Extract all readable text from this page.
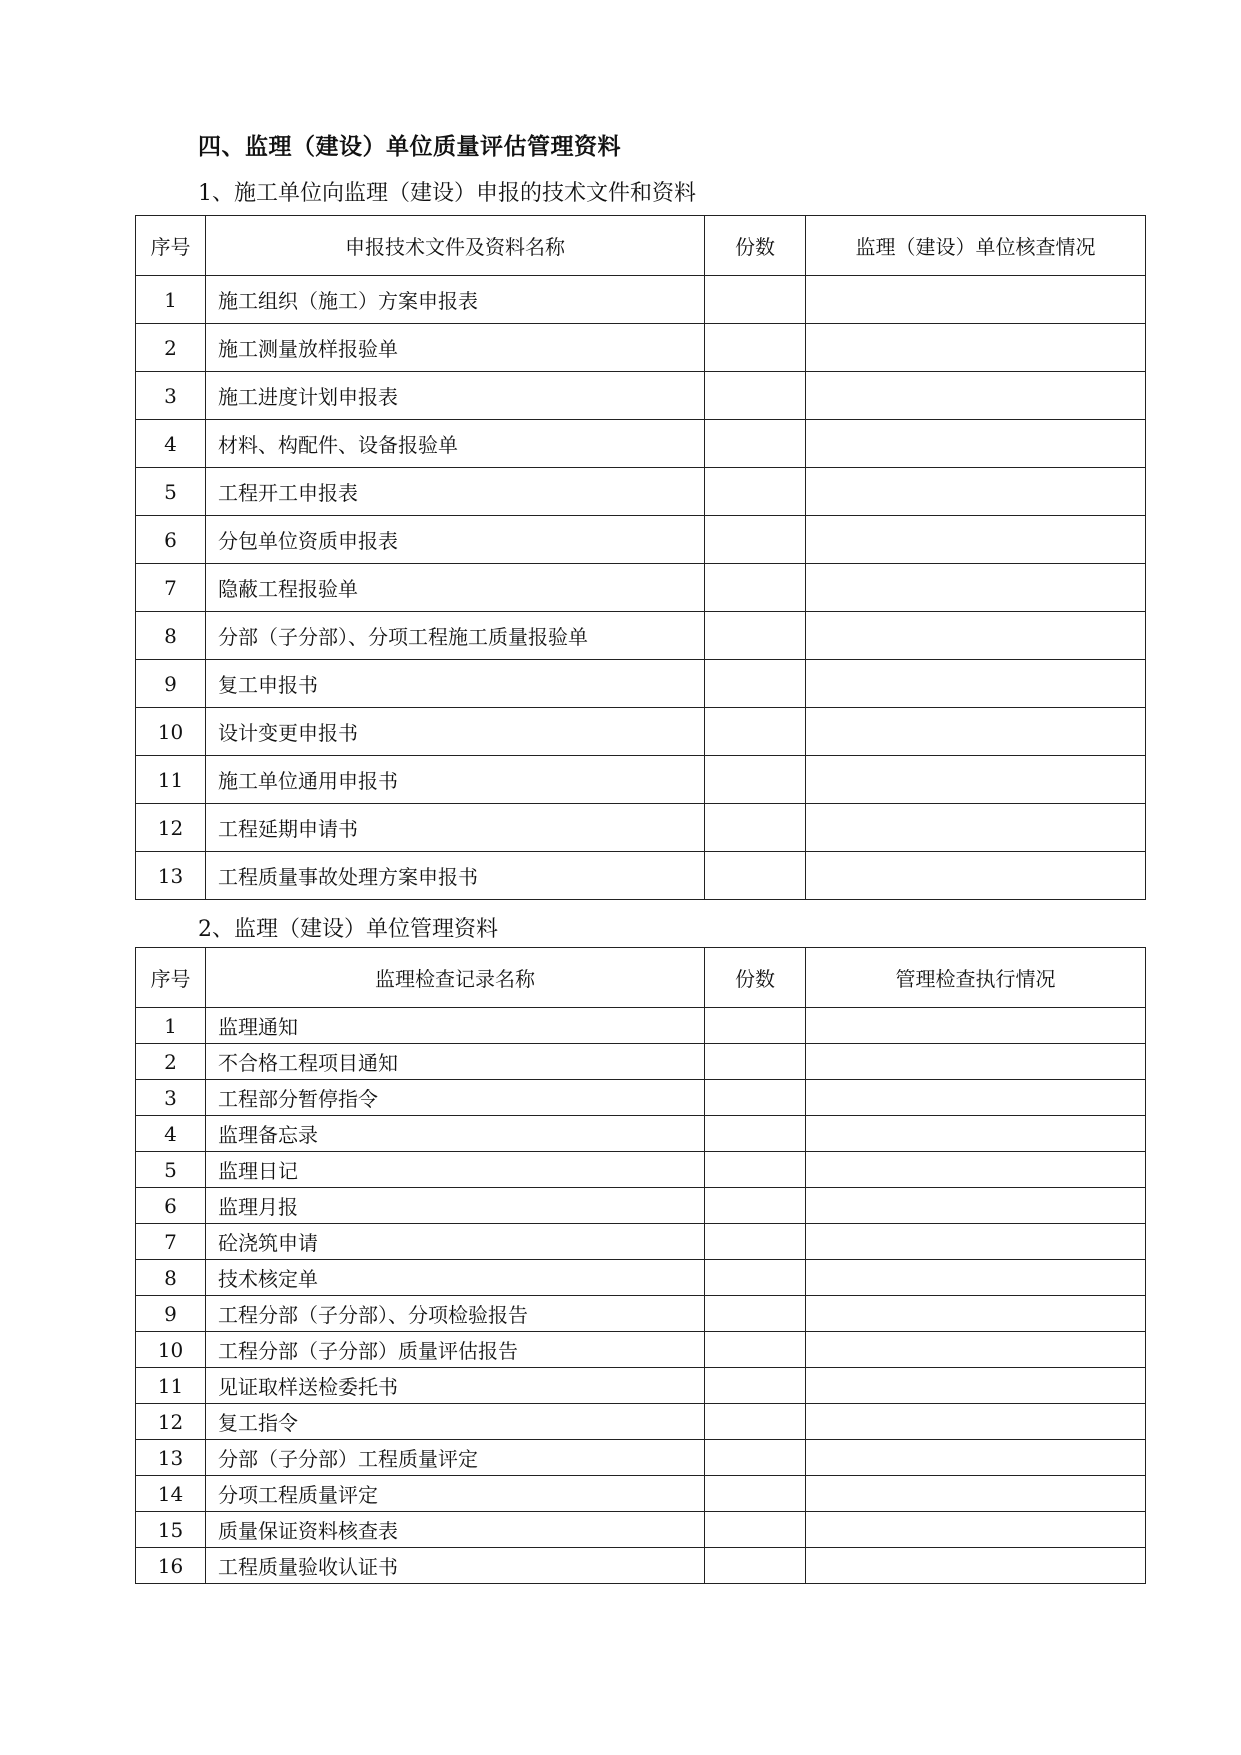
四、监理（建设）单位质量评估管理资料

1、施工单位向监理（建设）申报的技术文件和资料

序号	申报技术文件及资料名称	份数	监理（建设）单位核查情况
1	施工组织（施工）方案申报表		
2	施工测量放样报验单		
3	施工进度计划申报表		
4	材料、构配件、设备报验单		
5	工程开工申报表		
6	分包单位资质申报表		
7	隐蔽工程报验单		
8	分部（子分部）、分项工程施工质量报验单		
9	复工申报书		
10	设计变更申报书		
11	施工单位通用申报书		
12	工程延期申请书		
13	工程质量事故处理方案申报书		

2、监理（建设）单位管理资料

序号	监理检查记录名称	份数	管理检查执行情况
1	监理通知		
2	不合格工程项目通知		
3	工程部分暂停指令		
4	监理备忘录		
5	监理日记		
6	监理月报		
7	砼浇筑申请		
8	技术核定单		
9	工程分部（子分部）、分项检验报告		
10	工程分部（子分部）质量评估报告		
11	见证取样送检委托书		
12	复工指令		
13	分部（子分部）工程质量评定		
14	分项工程质量评定		
15	质量保证资料核查表		
16	工程质量验收认证书		
